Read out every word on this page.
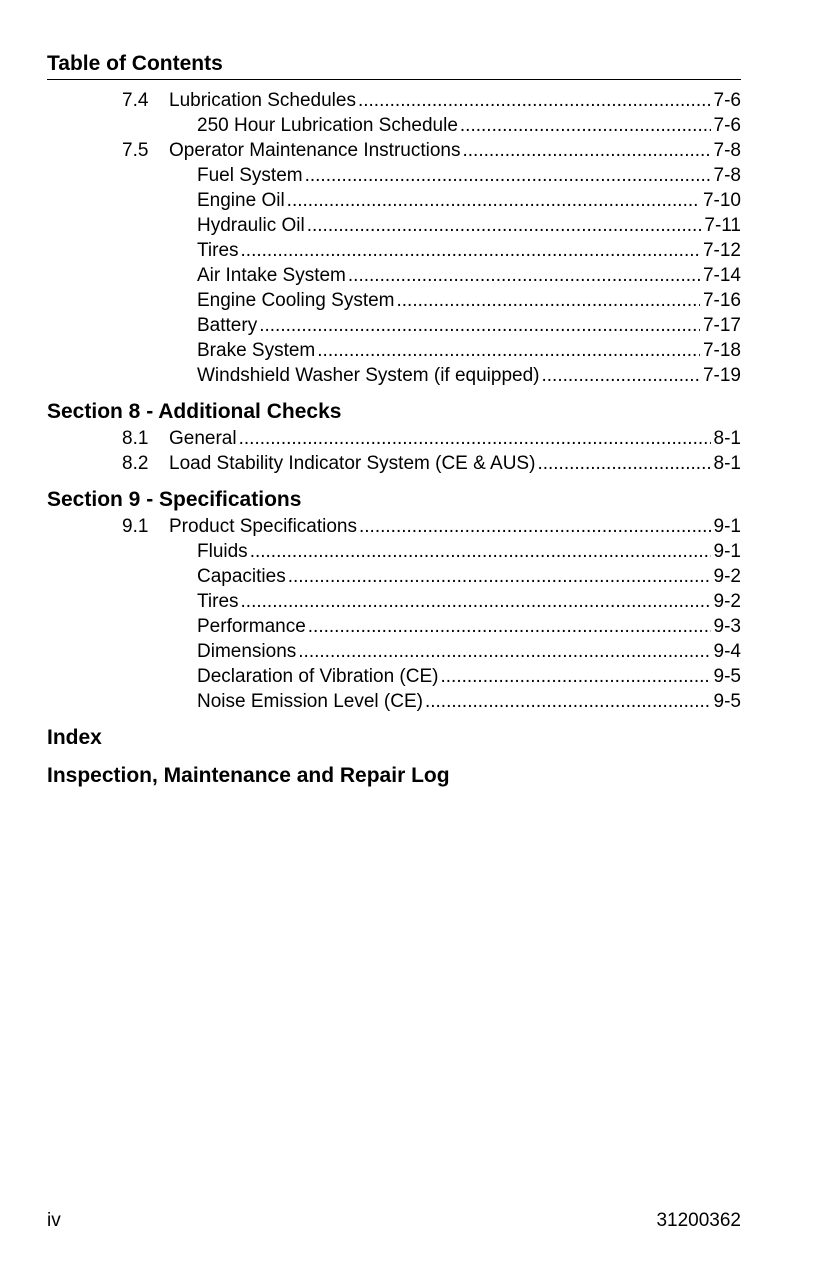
Table of Contents
7.4 Lubrication Schedules .....	7-6
250 Hour Lubrication Schedule .....	7-6
7.5 Operator Maintenance Instructions .....	7-8
Fuel System .....	7-8
Engine Oil .....	7-10
Hydraulic Oil .....	7-11
Tires .....	7-12
Air Intake System .....	7-14
Engine Cooling System .....	7-16
Battery .....	7-17
Brake System .....	7-18
Windshield Washer System (if equipped) .....	7-19
Section 8 - Additional Checks
8.1 General .....	8-1
8.2 Load Stability Indicator System (CE & AUS) .....	8-1
Section 9 - Specifications
9.1 Product Specifications .....	9-1
Fluids .....	9-1
Capacities .....	9-2
Tires .....	9-2
Performance .....	9-3
Dimensions .....	9-4
Declaration of Vibration (CE) .....	9-5
Noise Emission Level (CE) .....	9-5
Index
Inspection, Maintenance and Repair Log
iv	31200362
